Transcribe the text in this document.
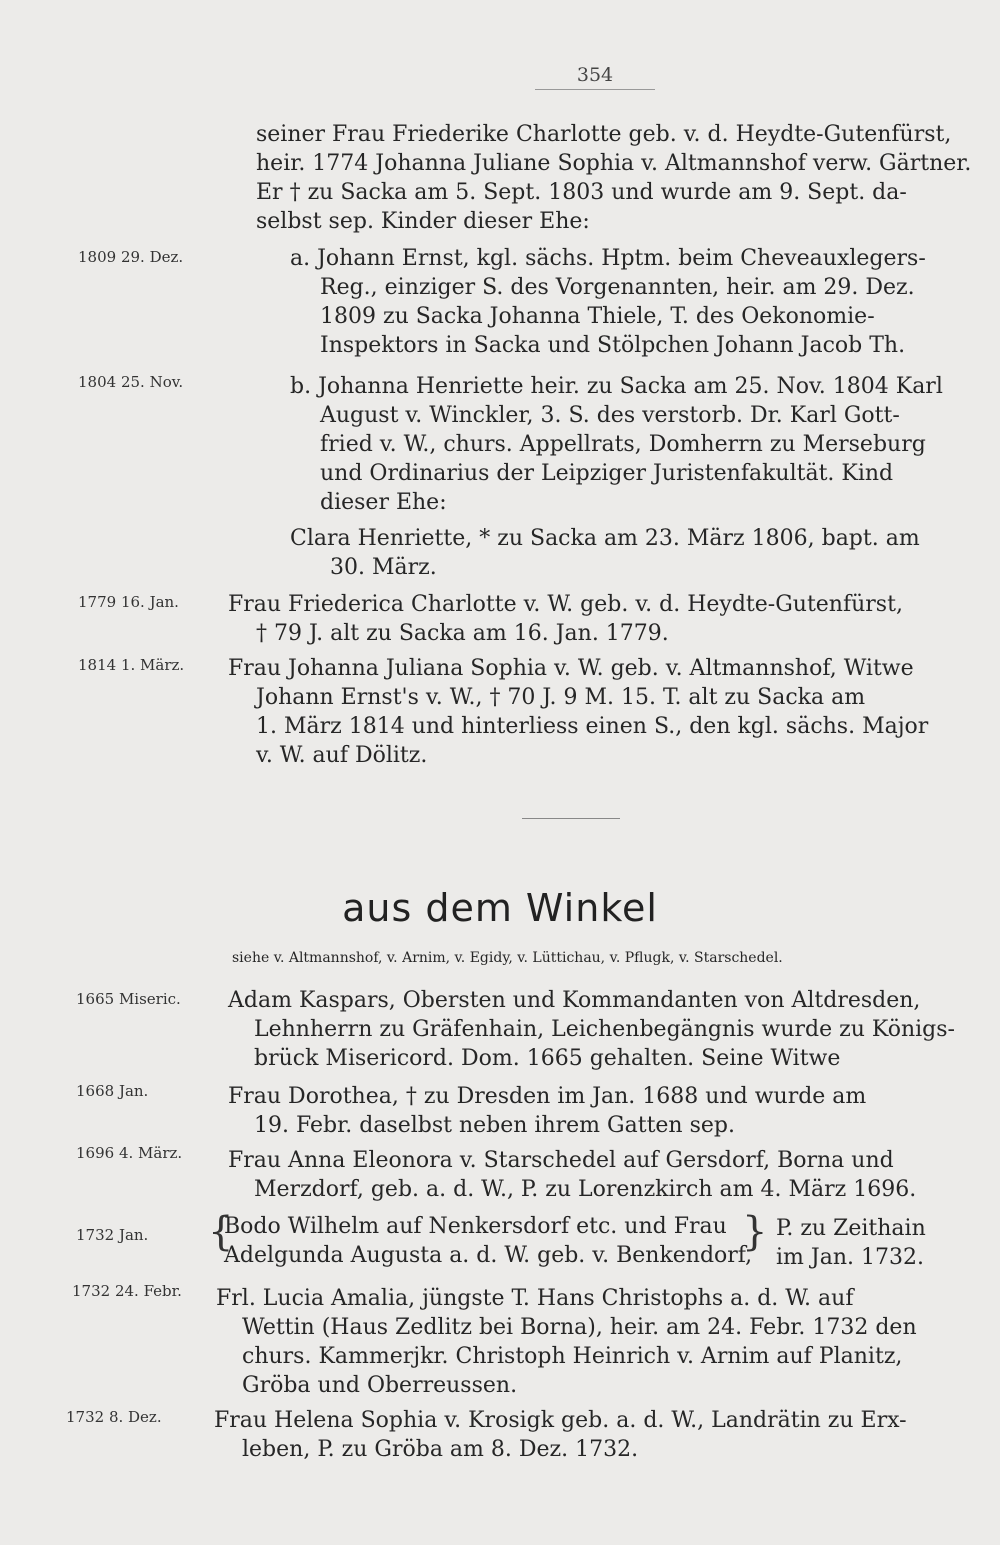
354
seiner Frau Friederike Charlotte geb. v. d. Heydte-Gutenfürst,
heir. 1774 Johanna Juliane Sophia v. Altmannshof verw. Gärtner.
Er † zu Sacka am 5. Sept. 1803 und wurde am 9. Sept. da-
selbst sep. Kinder dieser Ehe:
1809 29. Dez.	a. Johann Ernst, kgl. sächs. Hptm. beim Cheveauxlegers-
Reg., einziger S. des Vorgenannten, heir. am 29. Dez.
1809 zu Sacka Johanna Thiele, T. des Oekonomie-
Inspektors in Sacka und Stölpchen Johann Jacob Th.
1804 25. Nov.	b. Johanna Henriette heir. zu Sacka am 25. Nov. 1804 Karl
August v. Winckler, 3. S. des verstorb. Dr. Karl Gott-
fried v. W., churs. Appellrats, Domherrn zu Merseburg
und Ordinarius der Leipziger Juristenfakultät. Kind
dieser Ehe:
Clara Henriette, * zu Sacka am 23. März 1806, bapt. am
30. März.
1779 16. Jan. Frau Friederica Charlotte v. W. geb. v. d. Heydte-Gutenfürst,
† 79 J. alt zu Sacka am 16. Jan. 1779.
1814 1. März. Frau Johanna Juliana Sophia v. W. geb. v. Altmannshof, Witwe
Johann Ernst's v. W., † 70 J. 9 M. 15. T. alt zu Sacka am
1. März 1814 und hinterliess einen S., den kgl. sächs. Major
v. W. auf Dölitz.
aus dem Winkel
siehe v. Altmannshof, v. Arnim, v. Egidy, v. Lüttichau, v. Pflugk, v. Starschedel.
1665 Miseric. Adam Kaspars, Obersten und Kommandanten von Altdresden,
Lehnherrn zu Gräfenhain, Leichenbegängnis wurde zu Königs-
brück Misericord. Dom. 1665 gehalten. Seine Witwe
1668 Jan.	Frau Dorothea, † zu Dresden im Jan. 1688 und wurde am
19. Febr. daselbst neben ihrem Gatten sep.
1696 4. März. Frau Anna Eleonora v. Starschedel auf Gersdorf, Borna und
Merzdorf, geb. a. d. W., P. zu Lorenzkirch am 4. März 1696.
1732 Jan. {
Bodo Wilhelm auf Nenkersdorf etc. und Frau
Adelgunda Augusta a. d. W. geb. v. Benkendorf,
} P. zu Zeithain
im Jan. 1732.
1732 24. Febr. Frl. Lucia Amalia, jüngste T. Hans Christophs a. d. W. auf
Wettin (Haus Zedlitz bei Borna), heir. am 24. Febr. 1732 den
churs. Kammerjkr. Christoph Heinrich v. Arnim auf Planitz,
Gröba und Oberreussen.
1732 8. Dez. Frau Helena Sophia v. Krosigk geb. a. d. W., Landrätin zu Erx-
leben, P. zu Gröba am 8. Dez. 1732.
